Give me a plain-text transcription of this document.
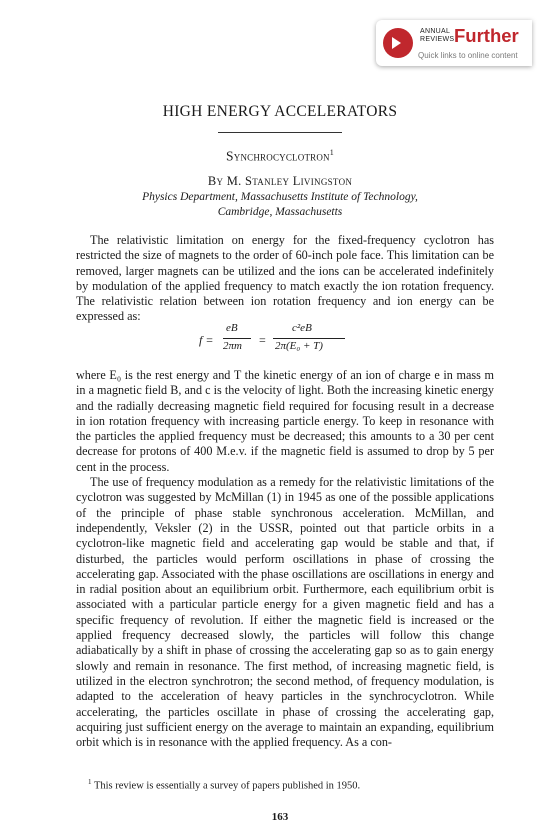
ANNUAL
REVIEWS Further
Quick links to online content
HIGH ENERGY ACCELERATORS
Synchrocyclotron$^1$
By M. Stanley Livingston
Physics Department, Massachusetts Institute of Technology,
Cambridge, Massachusetts

The relativistic limitation on energy for the fixed-frequency cyclotron has restricted the size of magnets to the order of 60-inch pole face. This limitation can be removed, larger magnets can be utilized and the ions can be accelerated indefinitely by modulation of the applied frequency to match exactly the ion rotation frequency. The relativistic relation between ion rotation frequency and ion energy can be expressed as:

f =
eB
2πm =
c²eB
2π(E₀ + T)

where E₀ is the rest energy and T the kinetic energy of an ion of charge e in mass m in a magnetic field B, and c is the velocity of light. Both the increasing kinetic energy and the radially decreasing magnetic field required for focusing result in a decrease in ion rotation frequency with increasing particle energy. To keep in resonance with the particles the applied frequency must be decreased; this amounts to a 30 per cent decrease for protons of 400 M.e.v. if the magnetic field is assumed to drop by 5 per cent in the process.

The use of frequency modulation as a remedy for the relativistic limitations of the cyclotron was suggested by McMillan (1) in 1945 as one of the possible applications of the principle of phase stable synchronous acceleration. McMillan, and independently, Veksler (2) in the USSR, pointed out that particle orbits in a cyclotron-like magnetic field and accelerating gap would be stable and that, if disturbed, the particles would perform oscillations in phase of crossing the accelerating gap. Associated with the phase oscillations are oscillations in energy and in radial position about an equilibrium orbit. Furthermore, each equilibrium orbit is associated with a particular particle energy for a given magnetic field and has a specific frequency of revolution. If either the magnetic field is increased or the applied frequency decreased slowly, the particles will follow this change adiabatically by a shift in phase of crossing the accelerating gap so as to gain energy slowly and remain in resonance. The first method, of increasing magnetic field, is utilized in the electron synchrotron; the second method, of frequency modulation, is adapted to the acceleration of heavy particles in the synchrocyclotron. While accelerating, the particles oscillate in phase of crossing the accelerating gap, acquiring just sufficient energy on the average to maintain an expanding, equilibrium orbit which is in resonance with the applied frequency. As a con-

$^1$ This review is essentially a survey of papers published in 1950.
163
